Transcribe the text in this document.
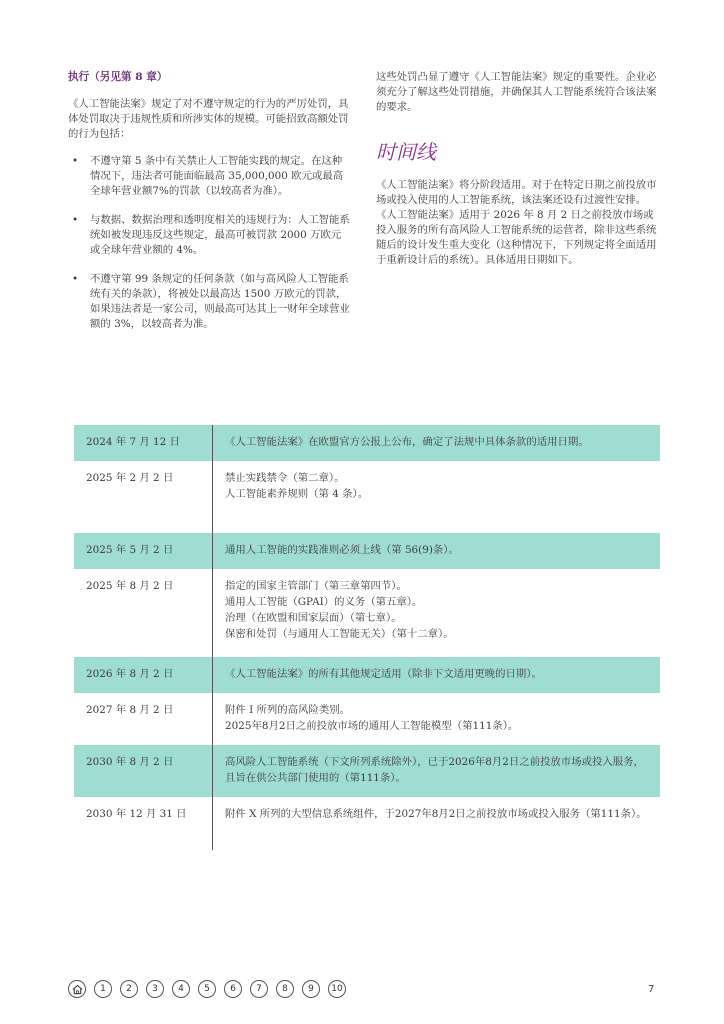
执行（另见第 8 章）

《人工智能法案》规定了对不遵守规定的行为的严厉处罚，具体处罚取决于违规性质和所涉实体的规模。可能招致高额处罚的行为包括：

• 不遵守第 5 条中有关禁止人工智能实践的规定。在这种情况下，违法者可能面临最高 35,000,000 欧元或最高全球年营业额7%的罚款（以较高者为准）。
• 与数据、数据治理和透明度相关的违规行为：人工智能系统如被发现违反这些规定，最高可被罚款 2000 万欧元或全球年营业额的 4%。
• 不遵守第 99 条规定的任何条款（如与高风险人工智能系统有关的条款），将被处以最高达 1500 万欧元的罚款，如果违法者是一家公司，则最高可达其上一财年全球营业额的 3%，以较高者为准。

这些处罚凸显了遵守《人工智能法案》规定的重要性。企业必须充分了解这些处罚措施，并确保其人工智能系统符合该法案的要求。

时间线

《人工智能法案》将分阶段适用。对于在特定日期之前投放市场或投入使用的人工智能系统，该法案还设有过渡性安排。《人工智能法案》适用于 2026 年 8 月 2 日之前投放市场或投入服务的所有高风险人工智能系统的运营者，除非这些系统随后的设计发生重大变化（这种情况下，下列规定将全面适用于重新设计后的系统）。具体适用日期如下。

2024 年 7 月 12 日	《人工智能法案》在欧盟官方公报上公布，确定了法规中具体条款的适用日期。
2025 年 2 月 2 日	禁止实践禁令（第二章）。
人工智能素养规则（第 4 条）。
2025 年 5 月 2 日	通用人工智能的实践准则必须上线（第 56(9)条）。
2025 年 8 月 2 日	指定的国家主管部门（第三章第四节）。
通用人工智能（GPAI）的义务（第五章）。
治理（在欧盟和国家层面）（第七章）。
保密和处罚（与通用人工智能无关）（第十二章）。
2026 年 8 月 2 日	《人工智能法案》的所有其他规定适用（除非下文适用更晚的日期）。
2027 年 8 月 2 日	附件 I 所列的高风险类别。
2025年8月2日之前投放市场的通用人工智能模型（第111条）。
2030 年 8 月 2 日	高风险人工智能系统（下文所列系统除外），已于2026年8月2日之前投放市场或投入服务，且旨在供公共部门使用的（第111条）。
2030 年 12 月 31 日	附件 X 所列的大型信息系统组件，于2027年8月2日之前投放市场或投入服务（第111条）。
1	2	3	4	5	6	7	8	9	10	7
